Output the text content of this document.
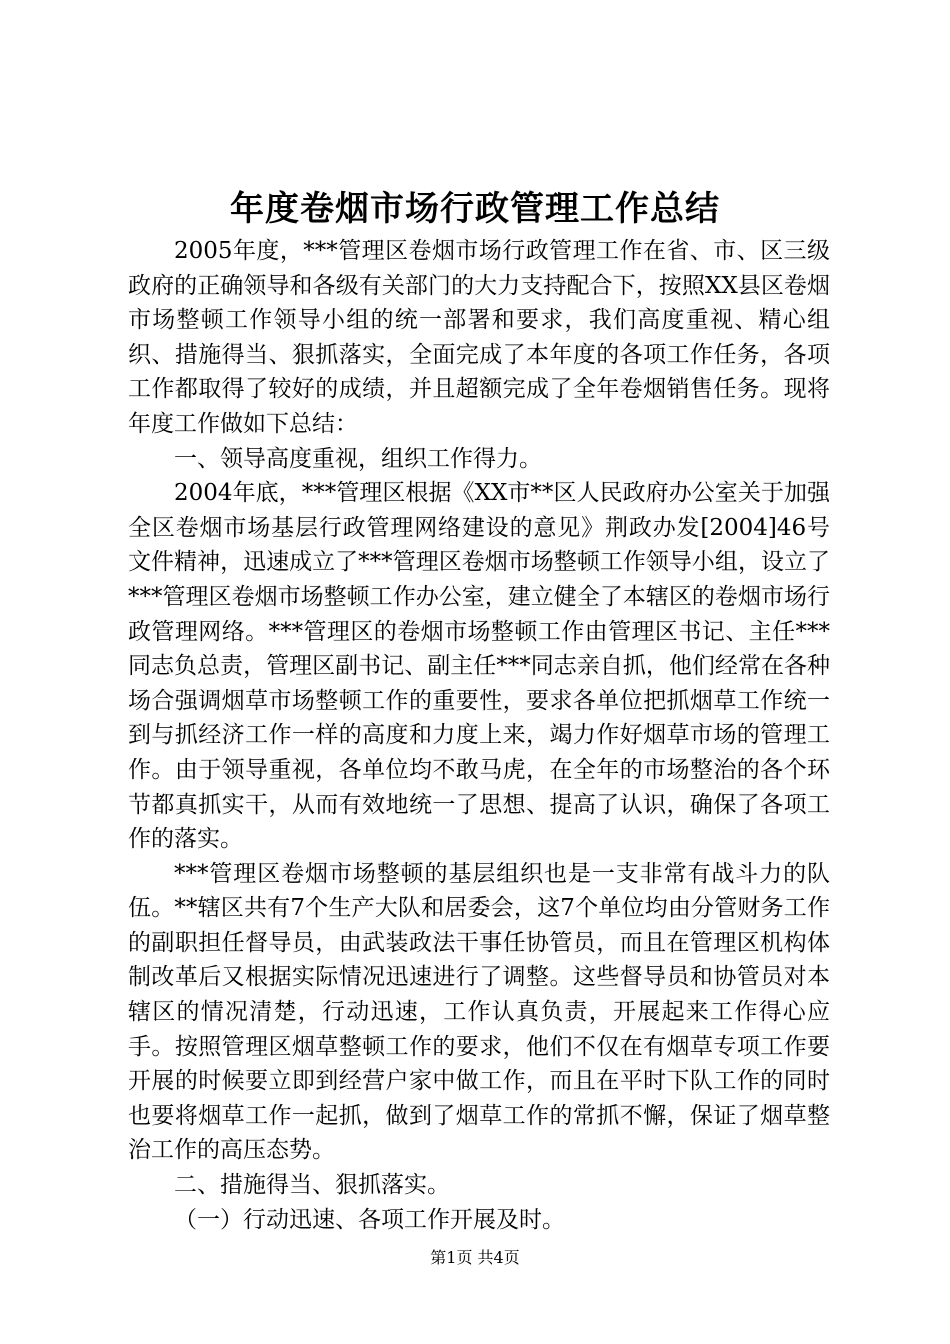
年度卷烟市场行政管理工作总结

2005年度，***管理区卷烟市场行政管理工作在省、市、区三级政府的正确领导和各级有关部门的大力支持配合下，按照XX县区卷烟市场整顿工作领导小组的统一部署和要求，我们高度重视、精心组织、措施得当、狠抓落实，全面完成了本年度的各项工作任务，各项工作都取得了较好的成绩，并且超额完成了全年卷烟销售任务。现将年度工作做如下总结：

一、领导高度重视，组织工作得力。

2004年底，***管理区根据《XX市**区人民政府办公室关于加强全区卷烟市场基层行政管理网络建设的意见》荆政办发[2004]46号文件精神，迅速成立了***管理区卷烟市场整顿工作领导小组，设立了***管理区卷烟市场整顿工作办公室，建立健全了本辖区的卷烟市场行政管理网络。***管理区的卷烟市场整顿工作由管理区书记、主任***同志负总责，管理区副书记、副主任***同志亲自抓，他们经常在各种场合强调烟草市场整顿工作的重要性，要求各单位把抓烟草工作统一到与抓经济工作一样的高度和力度上来，竭力作好烟草市场的管理工作。由于领导重视，各单位均不敢马虎，在全年的市场整治的各个环节都真抓实干，从而有效地统一了思想、提高了认识，确保了各项工作的落实。

***管理区卷烟市场整顿的基层组织也是一支非常有战斗力的队伍。**辖区共有7个生产大队和居委会，这7个单位均由分管财务工作的副职担任督导员，由武装政法干事任协管员，而且在管理区机构体制改革后又根据实际情况迅速进行了调整。这些督导员和协管员对本辖区的情况清楚，行动迅速，工作认真负责，开展起来工作得心应手。按照管理区烟草整顿工作的要求，他们不仅在有烟草专项工作要开展的时候要立即到经营户家中做工作，而且在平时下队工作的同时也要将烟草工作一起抓，做到了烟草工作的常抓不懈，保证了烟草整治工作的高压态势。

二、措施得当、狠抓落实。

（一）行动迅速、各项工作开展及时。

第1页 共4页
